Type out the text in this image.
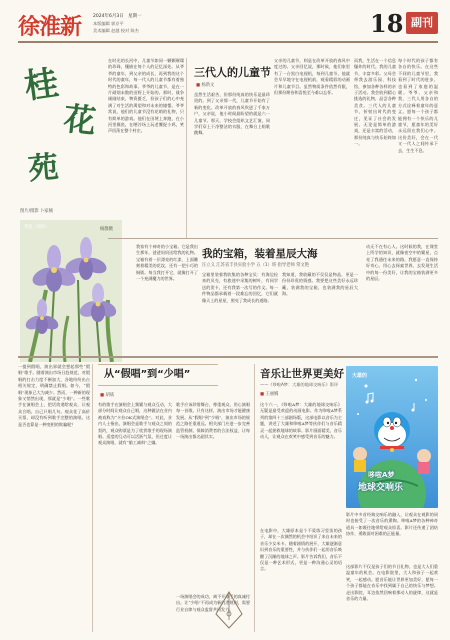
徐淮新	2024年6月3日　星期一
本版编辑 郭京平
美术编辑 赵越 校对 陈杰	18 副刊
桂
花
苑
图片/摄影 卜家楠
鸢尾（摄影）	杨群摄
在时光的长河中，儿童节如同一颗颗璀璨的珍珠，镶嵌在每个人的记忆深处。从爷爷的童年，到父亲的成长，再到我的这个时代的童年，每一代人的儿童节都有着独特的色彩和故事。爷爷的儿童节，是在一片硝烟未散的田野上开始的。那时，战争刚刚结束，物资匮乏，但孩子们的心中充满了对生活的渴望和对未来的憧憬。爷爷常说，他们的儿童节没有花哨的礼物，只有简单的游戏。他们在田埂上奔跑，在小河里摸鱼，在晒谷场上玩老鹰捉小鸡，笑声回荡在整个村庄。
三代人的儿童节
■ 杨新文
虽然生活艰苦，但那份纯真的快乐是最珍贵的。到了父亲那一代，儿童节开始有了新的变化。改革开放的春风吹进了千家万户，父亲说，他小时候最盼望的就是六一儿童节。那天，学校会组织文艺汇演，同学们穿上干净整洁的衣服，在舞台上唱歌跳舞。
父亲的儿童节，则是在改革开放的春风中度过的。父亲回忆说，那时候，他们家里有了一台黑白电视机，每到儿童节，他就会早早地守在电视机前，观看精彩的动画片和儿童节目。虽然物质条件依然有限，但那份期待和喜悦至今难以忘怀。
而我，生活在一个信息爆炸的时代。我的儿童节，丰富多彩。父母会带我去游乐园、科技馆，参加各种各样的亲子活动。我会收到精心挑选的礼物，品尝各种美食。三代人的儿童节，折射出时代的变迁，见证了社会的发展。无论是简单的游戏，还是丰富的活动，那份纯真与快乐始终如一。
每个时代的孩子都有各自的快乐。在这些不同的儿童节里，我看到了时代的进步，也看到了家庭的温暖。爷爷、父亲和我，三代人用各自的方式诠释着童年的意义。愿每一个孩子都能拥有一个快乐的儿童节，愿童年的美好永远留在我们心中。这份美好，会在一代又一代人之间传承下去，生生不息。
我家有个神奇的小宝箱。它是我出生那年，爸爸妈妈送给我的礼物。宝箱有着一层漂亮的红漆，上面雕刻着精美的花纹，还有一把小巧的铜锁。每当我打开它，就像打开了一个充满魔力的世界。
我的宝箱，装着星辰大海
汪立义 江苏省丰县实验小学 五（1）班 指导老师 常文艳
宝箱里装着我收集的各种宝贝：有海边捡来的贝壳，有旅途中采集的树叶，有同学送的贺卡，还有我第一次写的作文。每一件物品都承载着一段难忘的回忆，它们就像天上的星星，照亮了我成长的道路。
我知道，我收藏的不仅仅是物品，更是一份份珍贵的情感。我要把这些美好永远珍藏，装满我的宝箱，也装满我的星辰大海。
动无不在有心人。这时候的我，在课堂上所学的知识，就像夜空中的繁星，点亮了我通往未来的路。我愿意一直保持好奇心，用心去探索世界，去发现生活中的每一份美好，让我的宝箱装满更多的星辰。
一提到假唱，演出界就会想起那些“假唱”歌手。随着演出市场日趋规范，对假唱的打击力度不断加大，各地纷纷出台相关规定，明确禁止假唱。如今，“假唱”现象已大为减少。然而，一种新的现象又悄然出现，那就是“少唱”。一些歌手在演唱会上，把话筒递给观众，让观众合唱，自己只唱几句。观众花了高价买票，却没有听到歌手完整的演唱，这是否也算是一种变相的欺骗呢？
从“假唱”到“少唱”
■ 胡斌
有的歌手在演唱会上频繁与观众互动，大部分时间让观众自己唱，这种做法在业内被戏称为“卡拉OK式演唱会”。对此，业内人士指出，演唱会是歌手与观众之间的契约，观众购票是为了欣赏歌手的现场演唱。适度的互动可以活跃气氛，但过度让观众演唱，就有“偷工减料”之嫌。
歌手应该珍惜舞台，尊重观众，用心演唱每一首歌。只有这样，演出市场才能健康发展。从“假唱”到“少唱”，演出市场的规范之路任重道远。相关部门应进一步完善监管机制，保障消费者的合法权益，让每一场演出都名副其实。
一场演唱会的成功，离不开歌手的真诚付出。让“少唱”不再成为新的潜规则，需要行业自律与观众监督共同发力。
音乐让世界更美好
——《哆啦A梦：大雄的地球交响乐》影评
■ 王丽娜
这个六一，《哆啦A梦：大雄的地球交响乐》无疑是最受欢迎的动画电影。作为哆啦A梦系列的第四十三部剧场版，这部电影以音乐为主题，讲述了大雄和哆啦A梦等伙伴们与音乐精灵一起拯救地球的故事。影片画面精美，音乐动人，让观众在欢笑中感受到音乐的魅力。
在电影中，大雄原本是个不爱练习竖笛的孩子，却在一次偶然的机会中结识了来自未来的音乐少女米卡。随着剧情的展开，大雄逐渐意识到音乐的重要性，并与伙伴们一起用音乐唤醒了沉睡的地球之声。影片告诉我们，音乐不仅是一种艺术形式，更是一种沟通心灵的语言。
大雄的
哆啦A梦
地球交响乐
影片中多首经典交响乐的融入，让观众在观影的同时也接受了一次音乐的熏陶。哆啦A梦的各种神奇道具一如既往地带给观众惊喜。影片还传递了团结协作、勇敢面对困难的正能量。
这部影片不仅是孩子们的节日礼物，也是大人们重温童年的机会。在电影院里，大人和孩子一起欢笑，一起感动。愿音乐能让世界更加美好，愿每一个孩子都能在音乐中找到属于自己的快乐与梦想。走出影院，耳边依然回响着那动人的旋律，这就是音乐的力量。
